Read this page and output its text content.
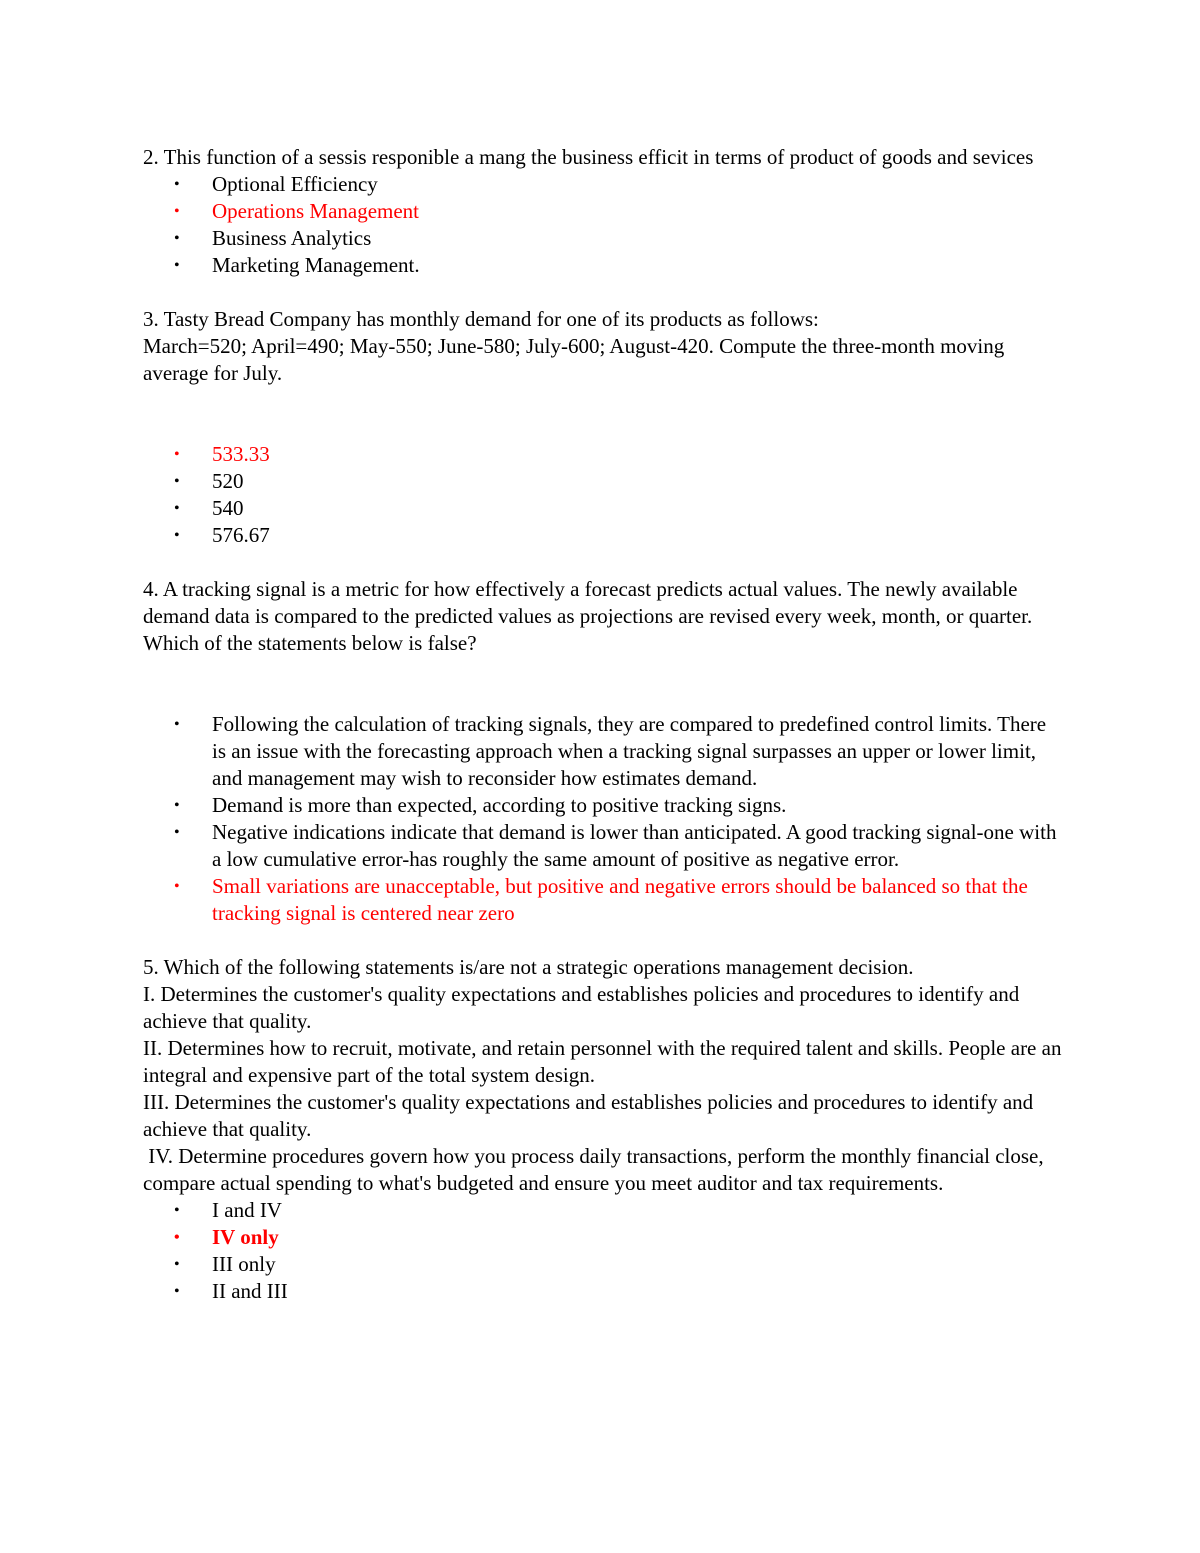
2. This function of a sessis responible a mang the business efficit in terms of product of goods and sevices

• Optional Efficiency
• Operations Management
• Business Analytics
• Marketing Management.

3. Tasty Bread Company has monthly demand for one of its products as follows:

March=520; April=490; May-550; June-580; July-600; August-420. Compute the three-month moving average for July.

• 533.33
• 520
• 540
• 576.67

4. A tracking signal is a metric for how effectively a forecast predicts actual values. The newly available demand data is compared to the predicted values as projections are revised every week, month, or quarter. Which of the statements below is false?

• Following the calculation of tracking signals, they are compared to predefined control limits. There is an issue with the forecasting approach when a tracking signal surpasses an upper or lower limit, and management may wish to reconsider how estimates demand.
• Demand is more than expected, according to positive tracking signs.
• Negative indications indicate that demand is lower than anticipated. A good tracking signal-one with a low cumulative error-has roughly the same amount of positive as negative error.
• Small variations are unacceptable, but positive and negative errors should be balanced so that the tracking signal is centered near zero

5. Which of the following statements is/are not a strategic operations management decision.

I. Determines the customer's quality expectations and establishes policies and procedures to identify and achieve that quality.

II. Determines how to recruit, motivate, and retain personnel with the required talent and skills. People are an integral and expensive part of the total system design.

III. Determines the customer's quality expectations and establishes policies and procedures to identify and achieve that quality.

IV. Determine procedures govern how you process daily transactions, perform the monthly financial close, compare actual spending to what's budgeted and ensure you meet auditor and tax requirements.

• I and IV
• IV only
• III only
• II and III
